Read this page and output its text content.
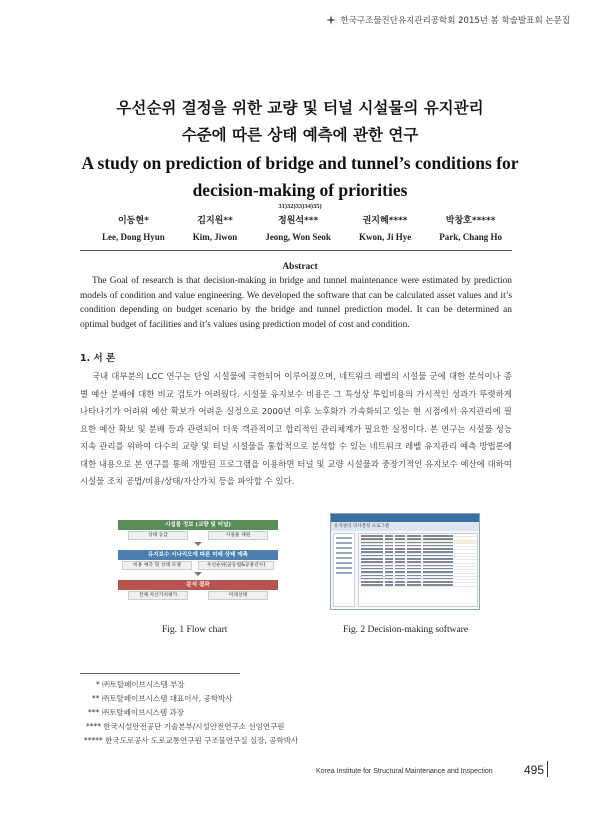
한국구조물진단유지관리공학회 2015년 봄 학술발표회 논문집
우선순위 결정을 위한 교량 및 터널 시설물의 유지관리
수준에 따른 상태 예측에 관한 연구
A study on prediction of bridge and tunnel’s conditions for
decision-making of priorities
31)32)33)34)35)
이동현*
Lee, Dong Hyun
김지원**
Kim, Jiwon
정원석***
Jeong, Won Seok
권지혜****
Kwon, Ji Hye
박창호*****
Park, Chang Ho
Abstract

The Goal of research is that decision-making in bridge and tunnel maintenance were estimated by prediction models of condition and value engineering. We developed the software that can be calculated asset values and it’s condition depending on budget scenario by the bridge and tunnel prediction model. It can be determined an optimal budget of facilities and it’s values using prediction model of cost and condition.

1. 서 론

국내 대부분의 LCC 연구는 단일 시설물에 국한되어 이루어졌으며, 네트워크 레벨의 시설물 군에 대한 분석이나 종별 예산 분배에 대한 비교 검토가 어려웠다. 시설물 유지보수 비용은 그 특성상 투입비용의 가시적인 성과가 뚜렷하게 나타나기가 어려워 예산 확보가 어려운 실정으로 2000년 이후 노후화가 가속화되고 있는 현 시점에서 유지관리에 필요한 예산 확보 및 분배 등과 관련되어 더욱 객관적이고 합리적인 관리체계가 필요한 실정이다. 본 연구는 시설물 성능 지속 관리를 위하여 다수의 교량 및 터널 시설물을 통합적으로 분석할 수 있는 네트워크 레벨 유지관리 예측 방법론에 대한 내용으로 본 연구를 통해 개발된 프로그램을 이용하면 터널 및 교량 시설물과 중장기적인 유지보수 예산에 대하여 시설물 조치 공법/비용/상태/자산가치 등을 파악할 수 있다.

시설물 정보 (교량 및 터널)
상태 등급	시설물 제원
유지보수 시나리오에 따른 미래 상태 예측
비용 예측 및 상태 모델	우선순위(균등법&공용년수)
분석 결과
전체 자산가치평가	미래상태
Fig. 1 Flow chart
유지관리 의사결정 프로그램
Fig. 2 Decision-making software
* ㈜토탈페이브시스템 부장
** ㈜토탈페이브시스템 대표이사, 공학박사
*** ㈜토탈페이브시스템 과장
**** 한국시설안전공단 기술본부/시설안전연구소 선임연구원
***** 한국도로공사 도로교통연구원 구조물연구실 실장, 공학박사
Korea Institute for Structural Maintenance and Inspection	495
